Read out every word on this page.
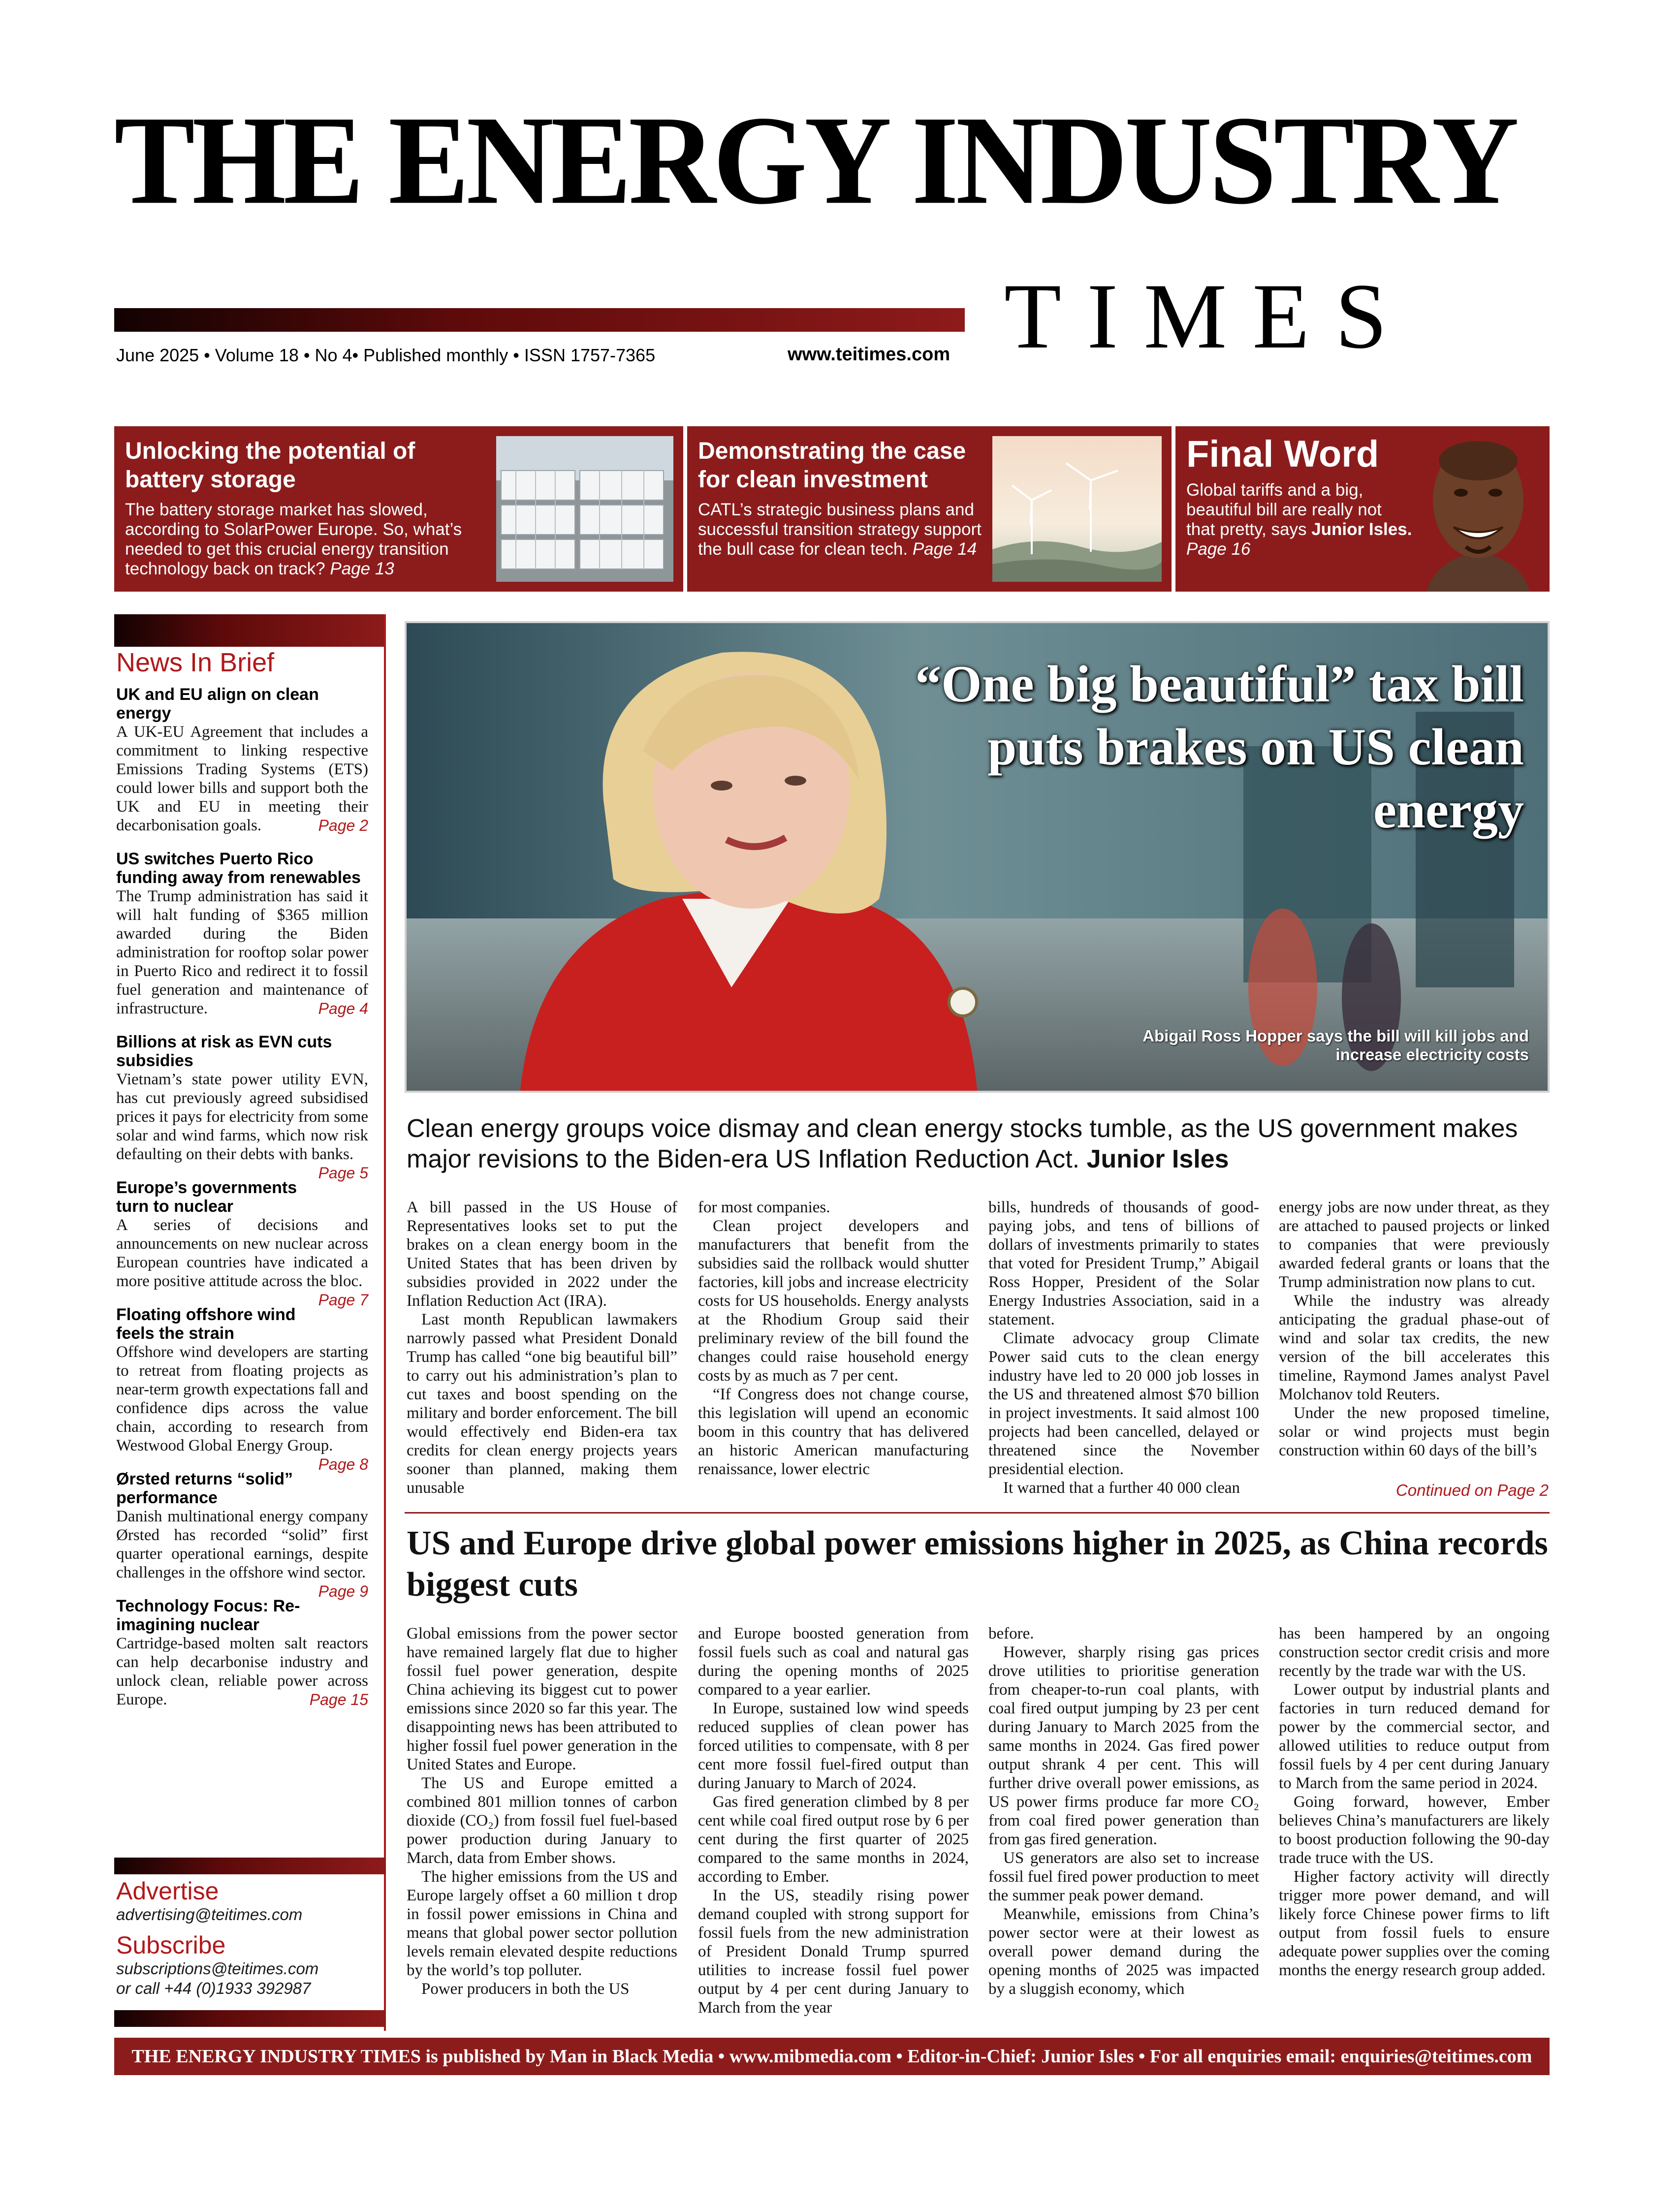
THE ENERGY INDUSTRY
TIMES
June 2025 • Volume 18 • No 4• Published monthly • ISSN 1757-7365	www.teitimes.com
Unlocking the potential of battery storage

The battery storage market has slowed, according to SolarPower Europe. So, what’s needed to get this crucial energy transition technology back on track? Page 13

Demonstrating the case for clean investment

CATL’s strategic business plans and successful transition strategy support the bull case for clean tech. Page 14

Final Word

Global tariffs and a big, beautiful bill are really not that pretty, says Junior Isles.
Page 16

News In Brief

UK and EU align on clean energy

A UK-EU Agreement that includes a commitment to linking respective Emissions Trading Systems (ETS) could lower bills and support both the UK and EU in meeting their decarbonisation goals.	Page 2

US switches Puerto Rico funding away from renewables

The Trump administration has said it will halt funding of $365 million awarded during the Biden administration for rooftop solar power in Puerto Rico and redirect it to fossil fuel generation and maintenance of infrastructure.	Page 4

Billions at risk as EVN cuts subsidies

Vietnam’s state power utility EVN, has cut previously agreed subsidised prices it pays for electricity from some solar and wind farms, which now risk defaulting on their debts with banks.
Page 5

Europe’s governments turn to nuclear

A series of decisions and announcements on new nuclear across European countries have indicated a more positive attitude across the bloc.
Page 7

Floating offshore wind feels the strain

Offshore wind developers are starting to retreat from floating projects as near-term growth expectations fall and confidence dips across the value chain, according to research from Westwood Global Energy Group.
Page 8

Ørsted returns “solid” performance

Danish multinational energy company Ørsted has recorded “solid” first quarter operational earnings, despite challenges in the offshore wind sector.
Page 9

Technology Focus: Re-imagining nuclear

Cartridge-based molten salt reactors can help decarbonise industry and unlock clean, reliable power across Europe.	Page 15

Advertise
advertising@teitimes.com
Subscribe
subscriptions@teitimes.com
or call +44 (0)1933 392987
“One big beautiful” tax bill puts brakes on US clean energy
Abigail Ross Hopper says the bill will kill jobs and increase electricity costs
Clean energy groups voice dismay and clean energy stocks tumble, as the US government makes major revisions to the Biden-era US Inflation Reduction Act. Junior Isles

A bill passed in the US House of Representatives looks set to put the brakes on a clean energy boom in the United States that has been driven by subsidies provided in 2022 under the Inflation Reduction Act (IRA).

Last month Republican lawmakers narrowly passed what President Donald Trump has called “one big beautiful bill” to carry out his administration’s plan to cut taxes and boost spending on the military and border enforcement. The bill would effectively end Biden-era tax credits for clean energy projects years sooner than planned, making them unusable

for most companies.

Clean project developers and manufacturers that benefit from the subsidies said the rollback would shutter factories, kill jobs and increase electricity costs for US households. Energy analysts at the Rhodium Group said their preliminary review of the bill found the changes could raise household energy costs by as much as 7 per cent.

“If Congress does not change course, this legislation will upend an economic boom in this country that has delivered an historic American manufacturing renaissance, lower electric

bills, hundreds of thousands of good-paying jobs, and tens of billions of dollars of investments primarily to states that voted for President Trump,” Abigail Ross Hopper, President of the Solar Energy Industries Association, said in a statement.

Climate advocacy group Climate Power said cuts to the clean energy industry have led to 20 000 job losses in the US and threatened almost $70 billion in project investments. It said almost 100 projects had been cancelled, delayed or threatened since the November presidential election.

It warned that a further 40 000 clean

energy jobs are now under threat, as they are attached to paused projects or linked to companies that were previously awarded federal grants or loans that the Trump administration now plans to cut.

While the industry was already anticipating the gradual phase-out of wind and solar tax credits, the new version of the bill accelerates this timeline, Raymond James analyst Pavel Molchanov told Reuters.

Under the new proposed timeline, solar or wind projects must begin construction within 60 days of the bill’s

Continued on Page 2
US and Europe drive global power emissions higher in 2025, as China records biggest cuts

Global emissions from the power sector have remained largely flat due to higher fossil fuel power generation, despite China achieving its biggest cut to power emissions since 2020 so far this year. The disappointing news has been attributed to higher fossil fuel power generation in the United States and Europe.

The US and Europe emitted a combined 801 million tonnes of carbon dioxide (CO₂) from fossil fuel fuel-based power production during January to March, data from Ember shows.

The higher emissions from the US and Europe largely offset a 60 million t drop in fossil power emissions in China and means that global power sector pollution levels remain elevated despite reductions by the world’s top polluter.

Power producers in both the US

and Europe boosted generation from fossil fuels such as coal and natural gas during the opening months of 2025 compared to a year earlier.

In Europe, sustained low wind speeds reduced supplies of clean power has forced utilities to compensate, with 8 per cent more fossil fuel-fired output than during January to March of 2024.

Gas fired generation climbed by 8 per cent while coal fired output rose by 6 per cent during the first quarter of 2025 compared to the same months in 2024, according to Ember.

In the US, steadily rising power demand coupled with strong support for fossil fuels from the new administration of President Donald Trump spurred utilities to increase fossil fuel power output by 4 per cent during January to March from the year

before.

However, sharply rising gas prices drove utilities to prioritise generation from cheaper-to-run coal plants, with coal fired output jumping by 23 per cent during January to March 2025 from the same months in 2024. Gas fired power output shrank 4 per cent. This will further drive overall power emissions, as US power firms produce far more CO₂ from coal fired power generation than from gas fired generation.

US generators are also set to increase fossil fuel fired power production to meet the summer peak power demand.

Meanwhile, emissions from China’s power sector were at their lowest as overall power demand during the opening months of 2025 was impacted by a sluggish economy, which

has been hampered by an ongoing construction sector credit crisis and more recently by the trade war with the US.

Lower output by industrial plants and factories in turn reduced demand for power by the commercial sector, and allowed utilities to reduce output from fossil fuels by 4 per cent during January to March from the same period in 2024.

Going forward, however, Ember believes China’s manufacturers are likely to boost production following the 90-day trade truce with the US.

Higher factory activity will directly trigger more power demand, and will likely force Chinese power firms to lift output from fossil fuels to ensure adequate power supplies over the coming months the energy research group added.

THE ENERGY INDUSTRY TIMES is published by Man in Black Media • www.mibmedia.com • Editor-in-Chief: Junior Isles • For all enquiries email: enquiries@teitimes.com
